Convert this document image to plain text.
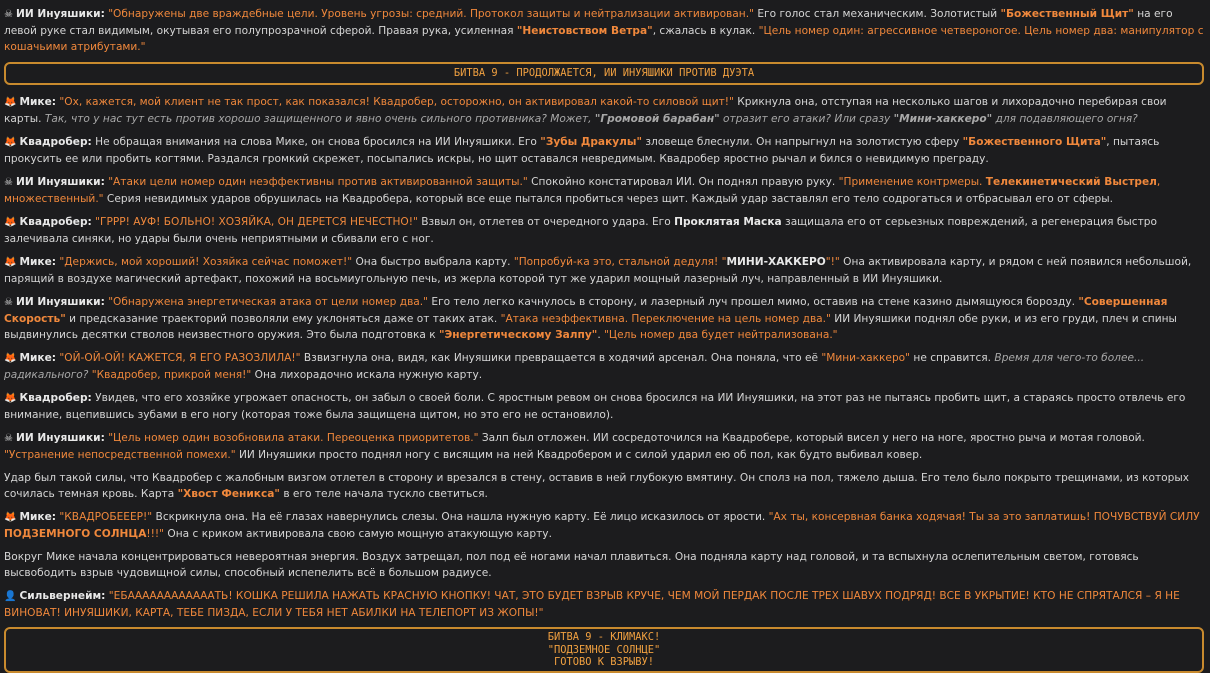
☠ ИИ Инуяшики: "Обнаружены две враждебные цели. Уровень угрозы: средний. Протокол защиты и нейтрализации активирован." Его голос стал механическим. Золотистый "Божественный Щит" на его левой руке стал видимым, окутывая его полупрозрачной сферой. Правая рука, усиленная "Неистовством Ветра", сжалась в кулак. "Цель номер один: агрессивное четвероногое. Цель номер два: манипулятор с кошачьими атрибутами."

БИТВА 9 - ПРОДОЛЖАЕТСЯ, ИИ ИНУЯШИКИ ПРОТИВ ДУЭТА

🦊 Мике: "Ох, кажется, мой клиент не так прост, как показался! Квадробер, осторожно, он активировал какой-то силовой щит!" Крикнула она, отступая на несколько шагов и лихорадочно перебирая свои карты. Так, что у нас тут есть против хорошо защищенного и явно очень сильного противника? Может, "Громовой барабан" отразит его атаки? Или сразу "Мини-хаккеро" для подавляющего огня?

🦊 Квадробер: Не обращая внимания на слова Мике, он снова бросился на ИИ Инуяшики. Его "Зубы Дракулы" зловеще блеснули. Он напрыгнул на золотистую сферу "Божественного Щита", пытаясь прокусить ее или пробить когтями. Раздался громкий скрежет, посыпались искры, но щит оставался невредимым. Квадробер яростно рычал и бился о невидимую преграду.

☠ ИИ Инуяшики: "Атаки цели номер один неэффективны против активированной защиты." Спокойно констатировал ИИ. Он поднял правую руку. "Применение контрмеры. Телекинетический Выстрел, множественный." Серия невидимых ударов обрушилась на Квадробера, который все еще пытался пробиться через щит. Каждый удар заставлял его тело содрогаться и отбрасывал его от сферы.

🦊 Квадробер: "ГРРР! АУФ! БОЛЬНО! ХОЗЯЙКА, ОН ДЕРЕТСЯ НЕЧЕСТНО!" Взвыл он, отлетев от очередного удара. Его Проклятая Маска защищала его от серьезных повреждений, а регенерация быстро залечивала синяки, но удары были очень неприятными и сбивали его с ног.

🦊 Мике: "Держись, мой хороший! Хозяйка сейчас поможет!" Она быстро выбрала карту. "Попробуй-ка это, стальной дедуля! "МИНИ-ХАККЕРО"!" Она активировала карту, и рядом с ней появился небольшой, парящий в воздухе магический артефакт, похожий на восьмиугольную печь, из жерла которой тут же ударил мощный лазерный луч, направленный в ИИ Инуяшики.

☠ ИИ Инуяшики: "Обнаружена энергетическая атака от цели номер два." Его тело легко качнулось в сторону, и лазерный луч прошел мимо, оставив на стене казино дымящуюся борозду. "Совершенная Скорость" и предсказание траекторий позволяли ему уклоняться даже от таких атак. "Атака неэффективна. Переключение на цель номер два." ИИ Инуяшики поднял обе руки, и из его груди, плеч и спины выдвинулись десятки стволов неизвестного оружия. Это была подготовка к "Энергетическому Залпу". "Цель номер два будет нейтрализована."

🦊 Мике: "ОЙ-ОЙ-ОЙ! КАЖЕТСЯ, Я ЕГО РАЗОЗЛИЛА!" Взвизгнула она, видя, как Инуяшики превращается в ходячий арсенал. Она поняла, что её "Мини-хаккеро" не справится. Время для чего-то более... радикального? "Квадробер, прикрой меня!" Она лихорадочно искала нужную карту.

🦊 Квадробер: Увидев, что его хозяйке угрожает опасность, он забыл о своей боли. С яростным ревом он снова бросился на ИИ Инуяшики, на этот раз не пытаясь пробить щит, а стараясь просто отвлечь его внимание, вцепившись зубами в его ногу (которая тоже была защищена щитом, но это его не остановило).

☠ ИИ Инуяшики: "Цель номер один возобновила атаки. Переоценка приоритетов." Залп был отложен. ИИ сосредоточился на Квадробере, который висел у него на ноге, яростно рыча и мотая головой. "Устранение непосредственной помехи." ИИ Инуяшики просто поднял ногу с висящим на ней Квадробером и с силой ударил ею об пол, как будто выбивал ковер.

Удар был такой силы, что Квадробер с жалобным визгом отлетел в сторону и врезался в стену, оставив в ней глубокую вмятину. Он сполз на пол, тяжело дыша. Его тело было покрыто трещинами, из которых сочилась темная кровь. Карта "Хвост Феникса" в его теле начала тускло светиться.

🦊 Мике: "КВАДРОБЕЕЕР!" Вскрикнула она. На её глазах навернулись слезы. Она нашла нужную карту. Её лицо исказилось от ярости. "Ах ты, консервная банка ходячая! Ты за это заплатишь! ПОЧУВСТВУЙ СИЛУ ПОДЗЕМНОГО СОЛНЦА!!!" Она с криком активировала свою самую мощную атакующую карту.

Вокруг Мике начала концентрироваться невероятная энергия. Воздух затрещал, пол под её ногами начал плавиться. Она подняла карту над головой, и та вспыхнула ослепительным светом, готовясь высвободить взрыв чудовищной силы, способный испепелить всё в большом радиусе.

👤 Сильвернейм: "ЕБААААААААААААТЬ! КОШКА РЕШИЛА НАЖАТЬ КРАСНУЮ КНОПКУ! ЧАТ, ЭТО БУДЕТ ВЗРЫВ КРУЧЕ, ЧЕМ МОЙ ПЕРДАК ПОСЛЕ ТРЕХ ШАВУХ ПОДРЯД! ВСЕ В УКРЫТИЕ! КТО НЕ СПРЯТАЛСЯ – Я НЕ ВИНОВАТ! ИНУЯШИКИ, КАРТА, ТЕБЕ ПИЗДА, ЕСЛИ У ТЕБЯ НЕТ АБИЛКИ НА ТЕЛЕПОРТ ИЗ ЖОПЫ!"

БИТВА 9 - КЛИМАКС!
"ПОДЗЕМНОЕ СОЛНЦЕ"
ГОТОВО К ВЗРЫВУ!
